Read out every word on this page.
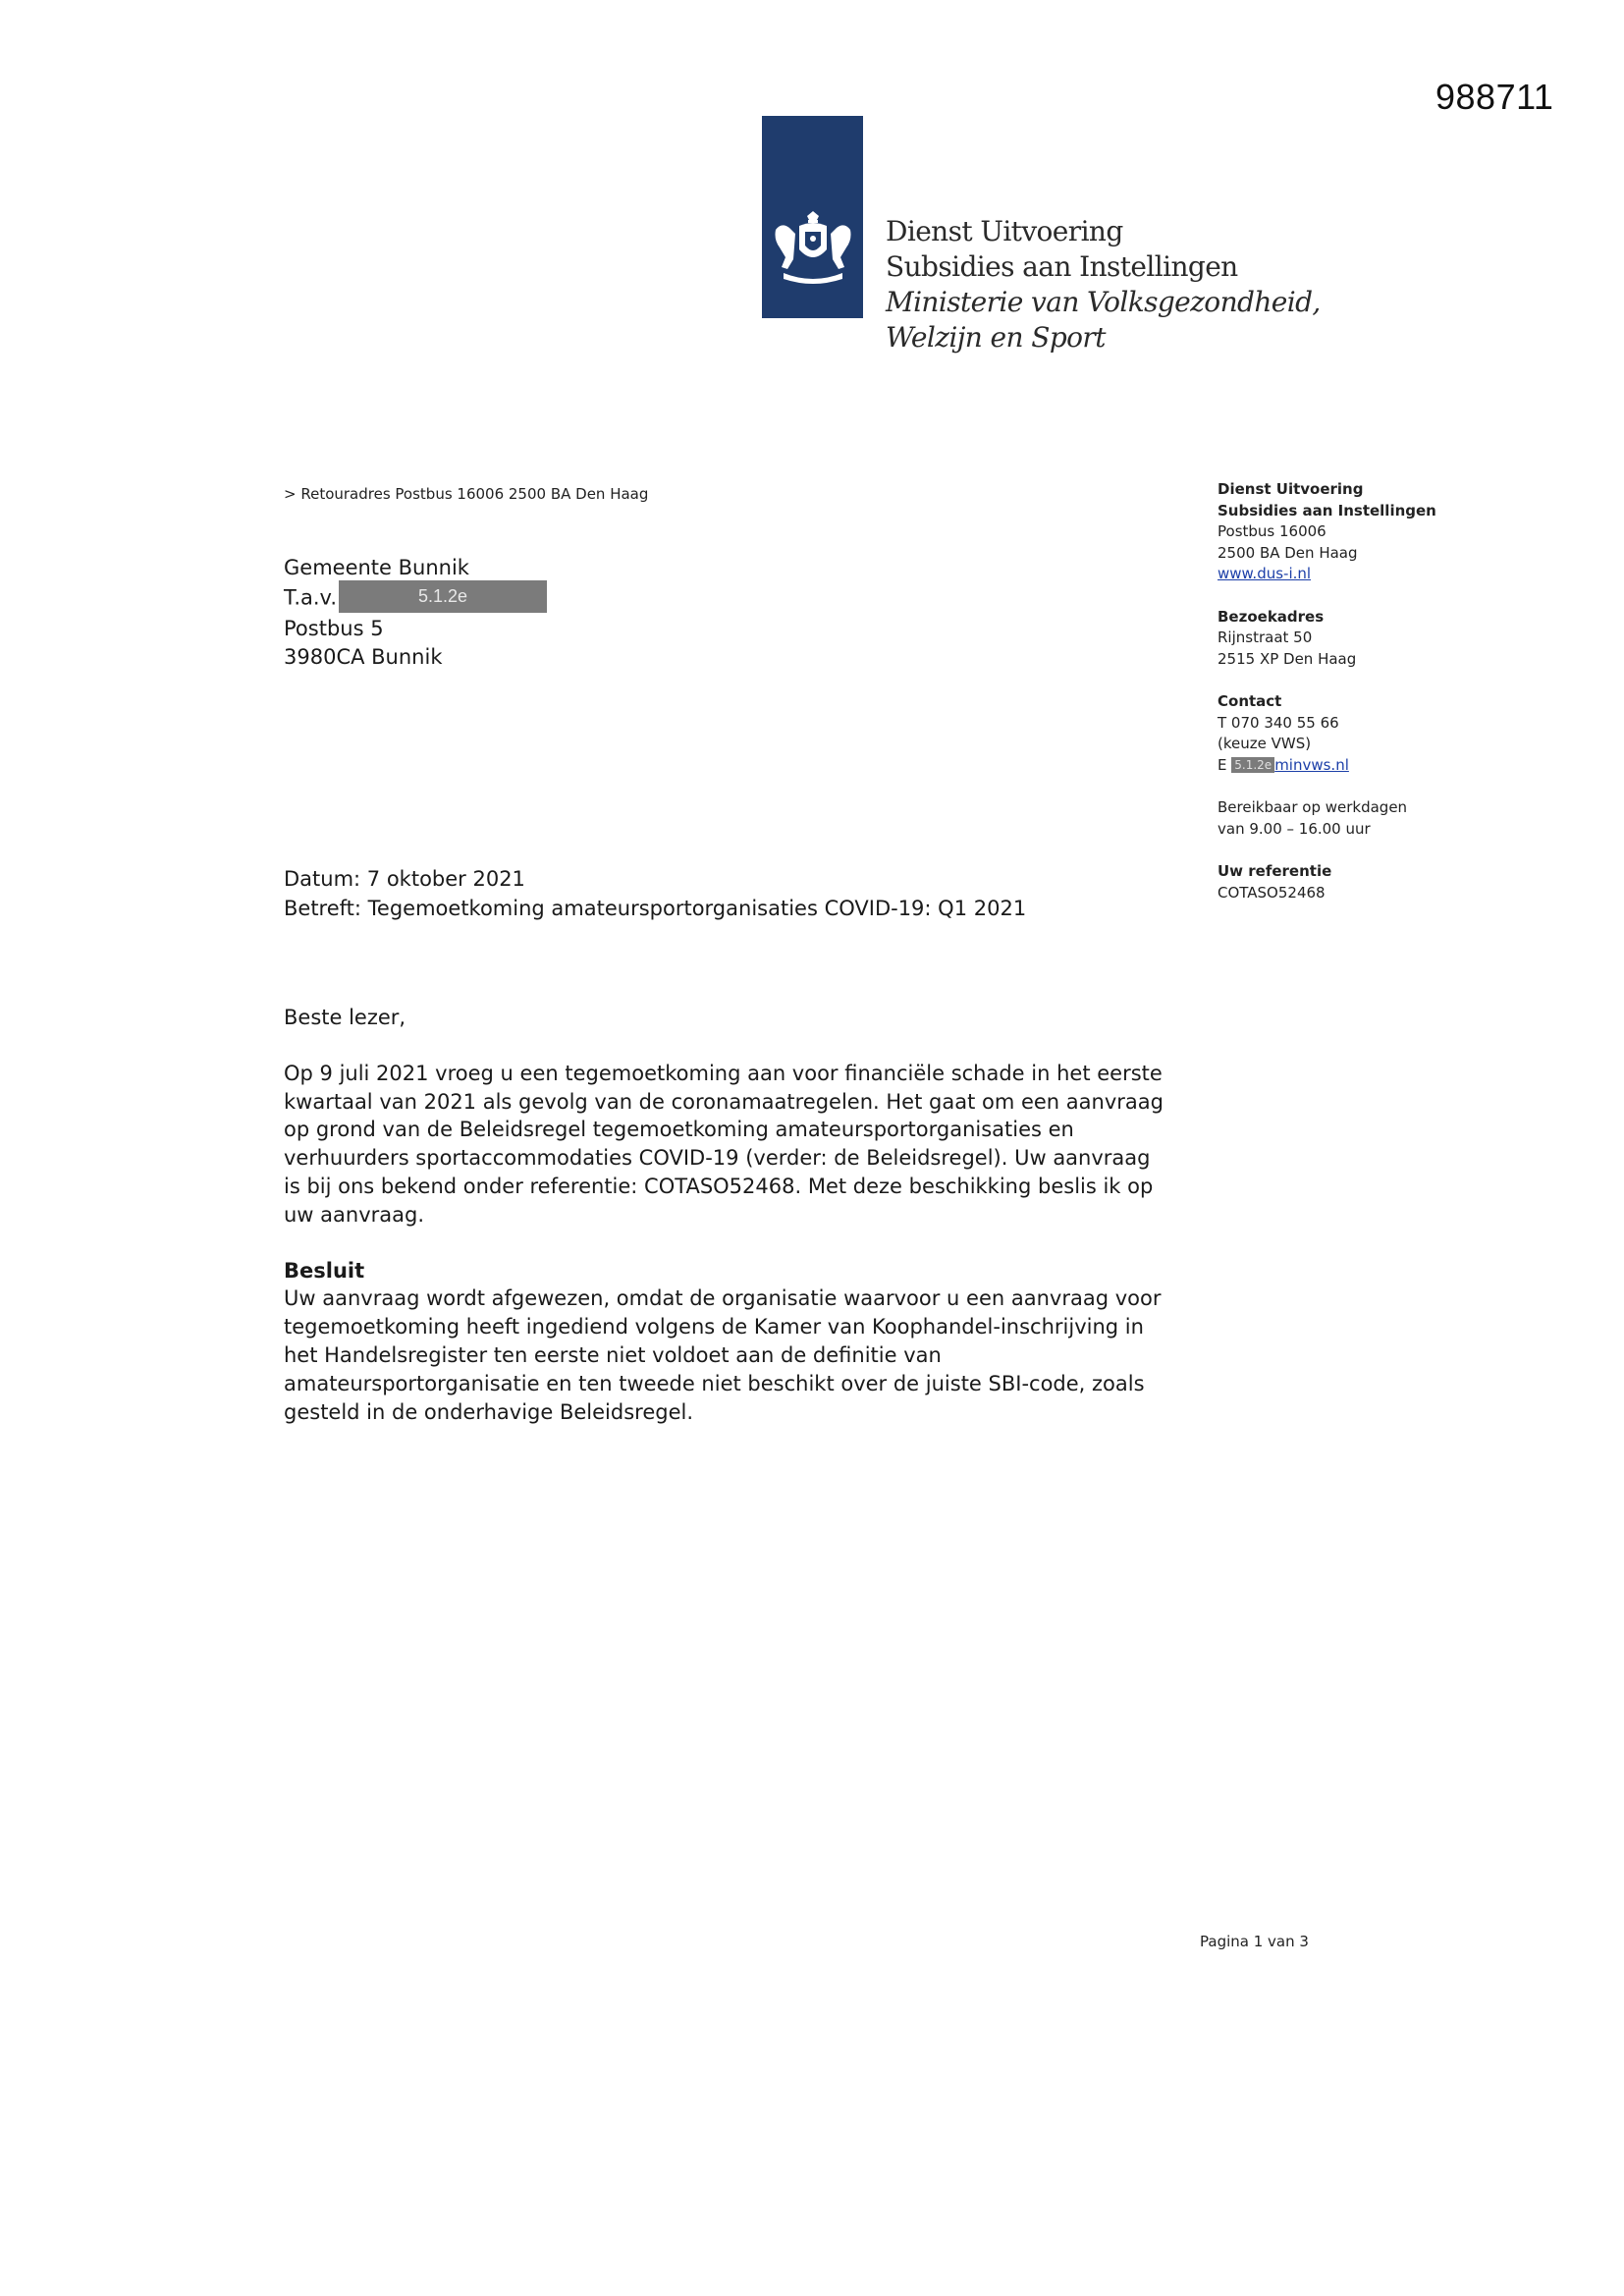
988711
Dienst Uitvoering
Subsidies aan Instellingen
Ministerie van Volksgezondheid,
Welzijn en Sport
> Retouradres Postbus 16006 2500 BA Den Haag
Gemeente Bunnik
T.a.v.	5.1.2e
Postbus 5
3980CA Bunnik
Dienst Uitvoering
Subsidies aan Instellingen
Postbus 16006
2500 BA Den Haag
www.dus-i.nl
Bezoekadres
Rijnstraat 50
2515 XP Den Haag
Contact
T 070 340 55 66
(keuze VWS)
E 5.1.2e minvws.nl
Bereikbaar op werkdagen
van 9.00 – 16.00 uur
Uw referentie
COTASO52468
Datum: 7 oktober 2021
Betreft: Tegemoetkoming amateursportorganisaties COVID-19: Q1 2021

Beste lezer,

Op 9 juli 2021 vroeg u een tegemoetkoming aan voor financiële schade in het eerste
kwartaal van 2021 als gevolg van de coronamaatregelen. Het gaat om een aanvraag
op grond van de Beleidsregel tegemoetkoming amateursportorganisaties en
verhuurders sportaccommodaties COVID-19 (verder: de Beleidsregel). Uw aanvraag
is bij ons bekend onder referentie: COTASO52468. Met deze beschikking beslis ik op
uw aanvraag.

Besluit

Uw aanvraag wordt afgewezen, omdat de organisatie waarvoor u een aanvraag voor
tegemoetkoming heeft ingediend volgens de Kamer van Koophandel-inschrijving in
het Handelsregister ten eerste niet voldoet aan de definitie van
amateursportorganisatie en ten tweede niet beschikt over de juiste SBI-code, zoals
gesteld in de onderhavige Beleidsregel.

Pagina 1 van 3
